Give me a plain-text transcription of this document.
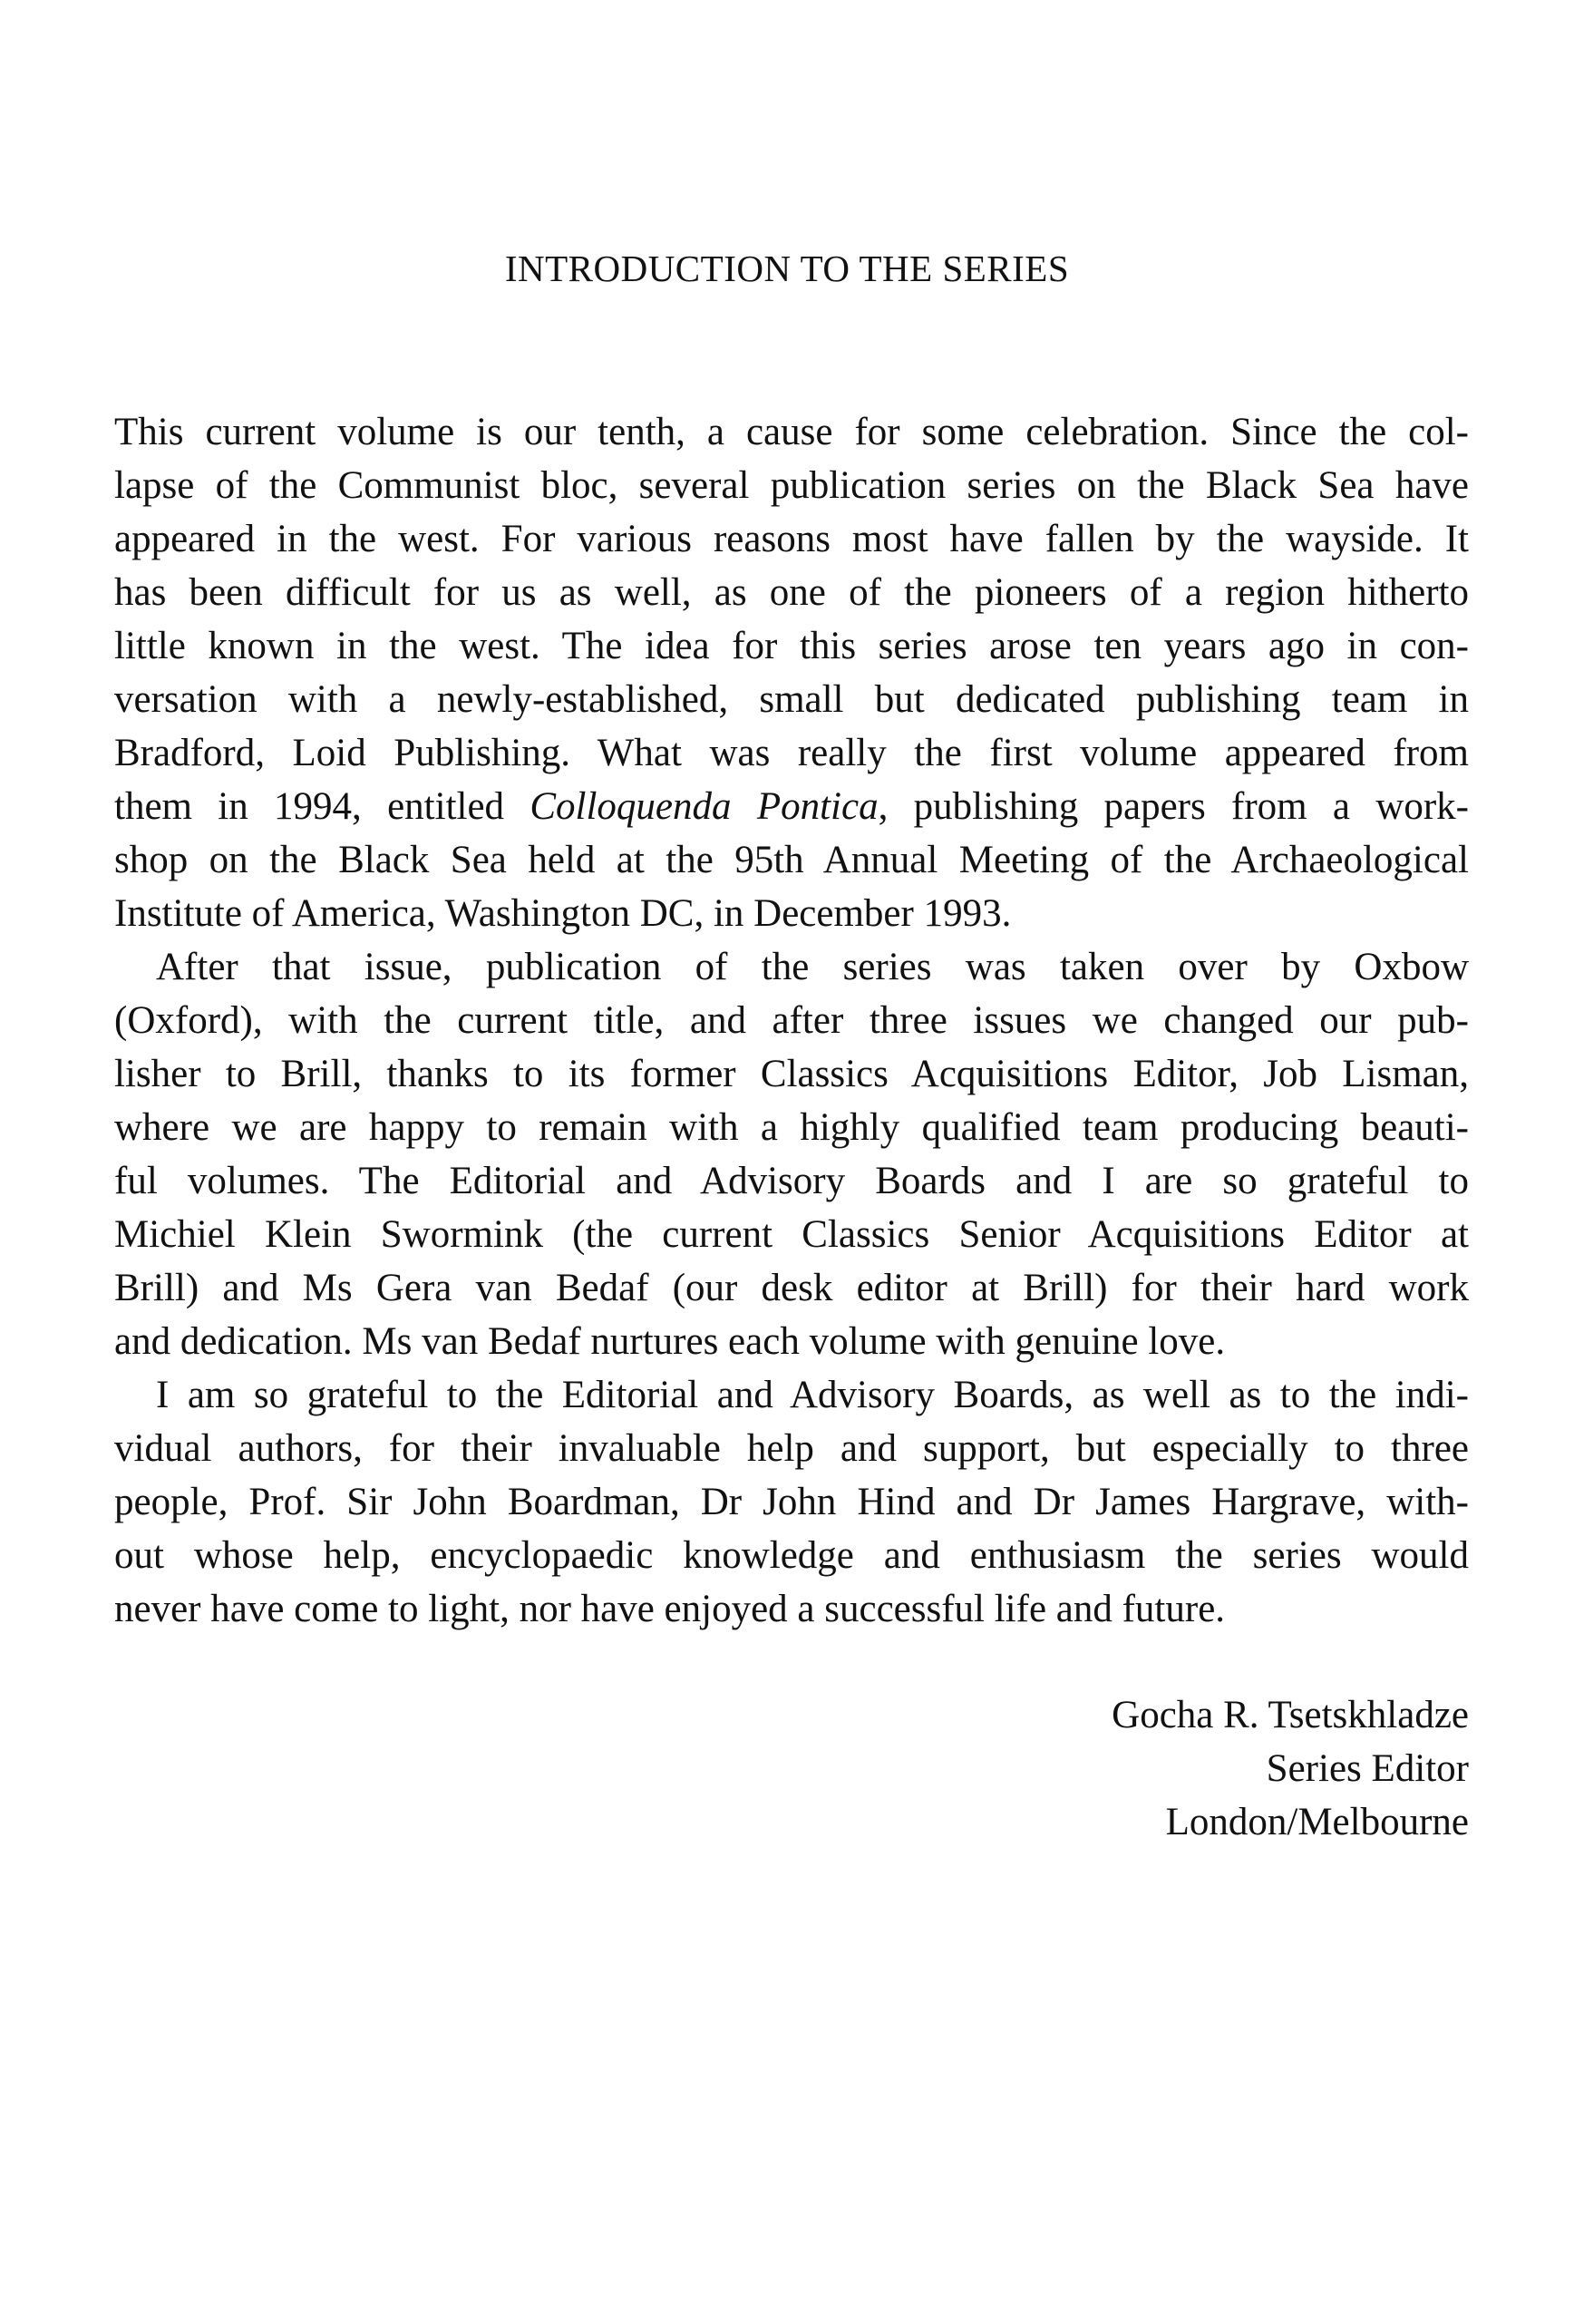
INTRODUCTION TO THE SERIES
This current volume is our tenth, a cause for some celebration. Since the col-
lapse of the Communist bloc, several publication series on the Black Sea have
appeared in the west. For various reasons most have fallen by the wayside. It
has been difficult for us as well, as one of the pioneers of a region hitherto
little known in the west. The idea for this series arose ten years ago in con-
versation with a newly-established, small but dedicated publishing team in
Bradford, Loid Publishing. What was really the first volume appeared from
them in 1994, entitled Colloquenda Pontica, publishing papers from a work-
shop on the Black Sea held at the 95th Annual Meeting of the Archaeological
Institute of America, Washington DC, in December 1993.
After that issue, publication of the series was taken over by Oxbow
(Oxford), with the current title, and after three issues we changed our pub-
lisher to Brill, thanks to its former Classics Acquisitions Editor, Job Lisman,
where we are happy to remain with a highly qualified team producing beauti-
ful volumes. The Editorial and Advisory Boards and I are so grateful to
Michiel Klein Swormink (the current Classics Senior Acquisitions Editor at
Brill) and Ms Gera van Bedaf (our desk editor at Brill) for their hard work
and dedication. Ms van Bedaf nurtures each volume with genuine love.
I am so grateful to the Editorial and Advisory Boards, as well as to the indi-
vidual authors, for their invaluable help and support, but especially to three
people, Prof. Sir John Boardman, Dr John Hind and Dr James Hargrave, with-
out whose help, encyclopaedic knowledge and enthusiasm the series would
never have come to light, nor have enjoyed a successful life and future.
Gocha R. Tsetskhladze
Series Editor
London/Melbourne
